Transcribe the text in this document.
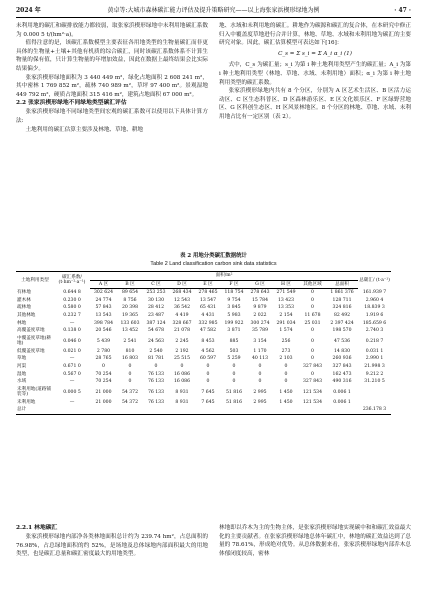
2024 年	黄卓等:大城市森林碳汇能力评估及提升策略研究——以上海张家浜楔形绿地为例	· 47 ·

未利用地的碳汇和碳排放能力都较弱，取张家浜楔形绿地中未利用地碳汇系数为 0.000 5 t/(hm²·a)。

值得注意的是，该碳汇系数模型主要表征各用地类型的生物量碳汇而非更具体的生物量+土壤+其他有机质的综合碳汇，同时该碳汇系数体系不计算生物量的保有值，只计算生物量的年增加效益，因此在数据上最终结果会比实际结果偏少。

张家浜楔形绿地面积为 3 440 449 m²，绿化占地面积 2 608 241 m²，其中密林 1 769 852 m²，疏林 740 989 m²，草坪 97 400 m²。景观湿地 449 792 m²，硬质占地面积 315 416 m²，建筑占地面积 67 000 m²。

2.2 张家浜楔形绿地不同绿地类型碳汇评估

张家浜楔形绿地不同绿地类型间宏观的碳汇系数可以使用以下具体计算方法:

土地利用的碳汇估算主要涉及林地、草地、耕地

地、水域和未利用地的碳汇。耕地作为碳源和碳汇的复合体，在本研究中修正归入中覆盖度草地进行合并计算，林地、草地、水域和未利用地为碳汇的主要研究对象。因此，碳汇估算模型可表达如下[16]：

C_s = Σ s_i = Σ A_i α_i (1)

式中，C_s 为碳汇量；s_i 为第 i 种土地利用类型产生的碳汇量；A_i 为第 i 种土地利用类型（林地、草地、水域、未利用地）面积；α_i 为第 i 种土地利用类型的碳汇系数。

张家浜楔形绿地内共有 8 个分区，分别为 A 区艺术生活区、B 区活力运动区、C 区生态科普区、D 区森林游乐区、E 区文化娱乐区、F 区绿野营地区、G 区科创生态区、H 区风景林地区。8 个分区的林地、草地、水域、未利用地占比有一定区别（表 2）。

表 2 用地分类碳汇数据统计
Table 2 Land classification carbon sink data statistics
土地利用类型	碳汇系数/ (t·hm⁻²·a⁻¹)	面积/m²										总碳汇/ (t·a⁻¹)	
		A 区	B 区	C 区	D 区	E 区	F 区	G 区	H 区	其他区域	总面积		
有林地	0.644 8	302 624	89 654	253 253	268 434	278 465	118 754	278 643	271 549	0	1 861 376	161.939 7	
灌木林	0.230 0	24 774	8 756	30 130	12 543	13 547	9 754	15 784	13 423	0	128 711	2.960 4	
疏林地	0.580 0	57 843	20 398	28 412	36 542	65 431	3 845	9 879	13 353	0	324 816	18.839 3	
其他林地	0.232 7	13 543	19 365	23 487	4 419	4 431	5 983	2 022	2 154	11 678	82 492	1.919 6	
林地	—	398 784	133 603	387 124	328 667	332 985	199 922	300 274	291 034	25 031	2 397 424	185.659 6	
高覆盖度草地	0.138 0	20 546	13 452	54 678	21 078	47 582	3 871	35 789	1 574	0	198 570	2.740 3	
中覆盖度草地(耕地)	0.046 0	5 439	2 541	24 563	2 245	8 453	885	3 154	256	0	47 536	0.218 7	
低覆盖度草地	0.021 0	2 780	810	2 540	2 192	4 562	503	1 170	273	0	14 830	0.031 1	
草地	—	28 765	16 803	81 781	25 515	60 597	5 259	40 113	2 103	0	260 936	2.990 1	
河渠	0.671 0	0	0	0	0	0	0	0	0	327 843	327 843	21.998 3	
湿地	0.567 0	70 254	0	76 133	16 086	0	0	0	0	0	162 473	9.212 2	
水域	—	70 254	0	76 133	16 086	0	0	0	0	327 843	490 316	31.210 5	
未利用地(道路铺装等)	0.000 5	21 000	54 372	76 133	8 931	7 645	51 816	2 995	1 450	121 534	0.006 1		
未利用地	—	21 000	54 372	76 133	8 931	7 645	51 816	2 995	1 450	121 534	0.006 1		
总计												236.178 3	
2.2.1 林地碳汇

张家浜楔形绿地内部净各类林地面积总计约为 239.74 hm²，占总面积的 76.98%，占总绿地面积的约 52%，是场地及总体绿地内部面积最大的用地类型，也是碳汇总量和碳汇密度最大的用地类型。

林地即以乔木为主的生物主体，是张家浜楔形绿地实现碳中和和碳汇效益最大化的主要贡献者。在张家浜楔形绿地总体年碳汇中，林地的碳汇效益达到了总量的 78.61%，形成绝对优势。从总体数据来看，张家浜楔形绿地内部乔木总体郁闭度较高，密林
